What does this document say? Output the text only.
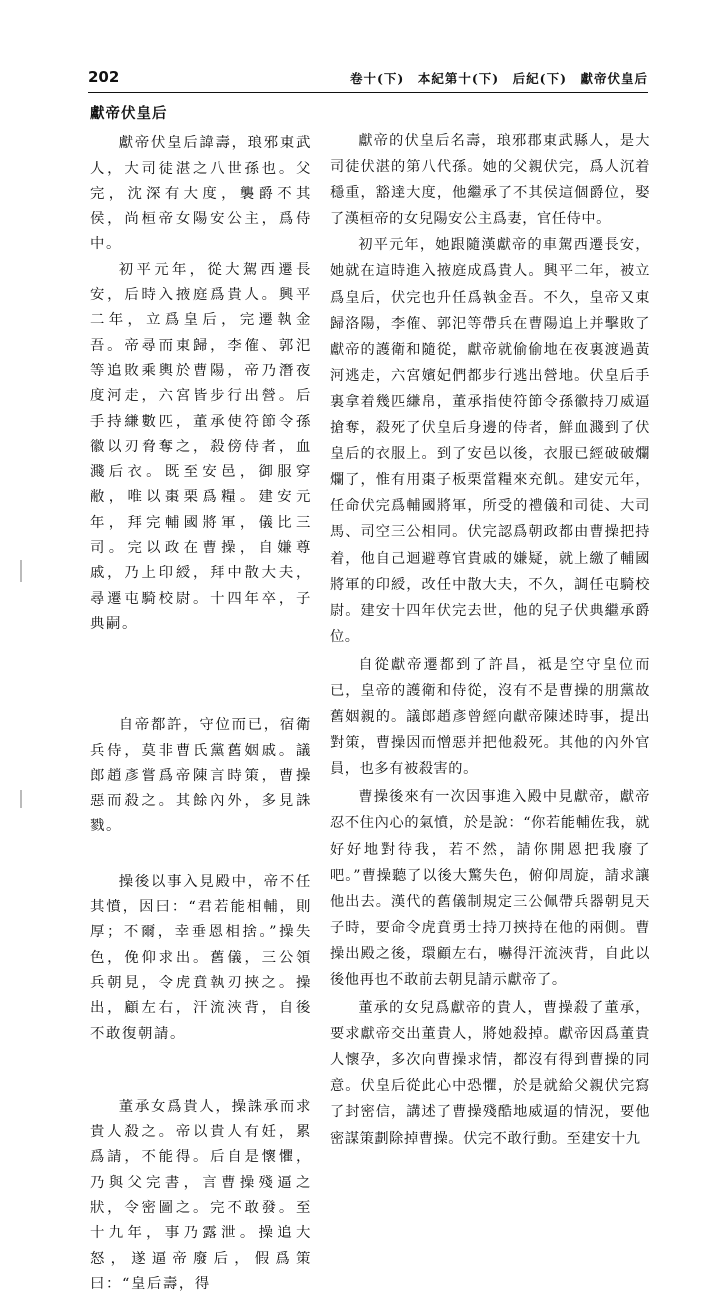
202	卷十(下)　本紀第十(下)　后紀(下)　獻帝伏皇后
獻帝伏皇后

獻帝伏皇后諱壽，琅邪東武人，大司徒湛之八世孫也。父完，沈深有大度，襲爵不其侯，尚桓帝女陽安公主，爲侍中。

初平元年，從大駕西遷長安，后時入掖庭爲貴人。興平二年，立爲皇后，完遷執金吾。帝尋而東歸，李傕、郭汜等追敗乘輿於曹陽，帝乃潛夜度河走，六宮皆步行出營。后手持縑數匹，董承使符節令孫徽以刃脅奪之，殺傍侍者，血濺后衣。既至安邑，御服穿敝，唯以棗栗爲糧。建安元年，拜完輔國將軍，儀比三司。完以政在曹操，自嫌尊戚，乃上印綬，拜中散大夫，尋遷屯騎校尉。十四年卒，子典嗣。

自帝都許，守位而已，宿衛兵侍，莫非曹氏黨舊姻戚。議郎趙彥嘗爲帝陳言時策，曹操惡而殺之。其餘內外，多見誅戮。

操後以事入見殿中，帝不任其憤，因曰：“君若能相輔，則厚；不爾，幸垂恩相捨。”操失色，俛仰求出。舊儀，三公領兵朝見，令虎賁執刃挾之。操出，顧左右，汗流浹背，自後不敢復朝請。

董承女爲貴人，操誅承而求貴人殺之。帝以貴人有妊，累爲請，不能得。后自是懷懼，乃與父完書，言曹操殘逼之狀，令密圖之。完不敢發。至十九年，事乃露泄。操追大怒，遂逼帝廢后，假爲策曰：“皇后壽，得

獻帝的伏皇后名壽，琅邪郡東武縣人，是大司徒伏湛的第八代孫。她的父親伏完，爲人沉着穩重，豁達大度，他繼承了不其侯這個爵位，娶了漢桓帝的女兒陽安公主爲妻，官任侍中。

初平元年，她跟隨漢獻帝的車駕西遷長安，她就在這時進入掖庭成爲貴人。興平二年，被立爲皇后，伏完也升任爲執金吾。不久，皇帝又東歸洛陽，李傕、郭汜等帶兵在曹陽追上并擊敗了獻帝的護衛和隨從，獻帝就偷偷地在夜裏渡過黃河逃走，六宮嬪妃們都步行逃出營地。伏皇后手裏拿着幾匹縑帛，董承指使符節令孫徽持刀威逼搶奪，殺死了伏皇后身邊的侍者，鮮血濺到了伏皇后的衣服上。到了安邑以後，衣服已經破破爛爛了，惟有用棗子板栗當糧來充飢。建安元年，任命伏完爲輔國將軍，所受的禮儀和司徒、大司馬、司空三公相同。伏完認爲朝政都由曹操把持着，他自己迴避尊官貴戚的嫌疑，就上繳了輔國將軍的印綬，改任中散大夫，不久，調任屯騎校尉。建安十四年伏完去世，他的兒子伏典繼承爵位。

自從獻帝遷都到了許昌，祗是空守皇位而已，皇帝的護衛和侍從，沒有不是曹操的朋黨故舊姻親的。議郎趙彥曾經向獻帝陳述時事，提出對策，曹操因而憎惡并把他殺死。其他的內外官員，也多有被殺害的。

曹操後來有一次因事進入殿中見獻帝，獻帝忍不住內心的氣憤，於是說：“你若能輔佐我，就好好地對待我，若不然，請你開恩把我廢了吧。”曹操聽了以後大驚失色，俯仰周旋，請求讓他出去。漢代的舊儀制規定三公佩帶兵器朝見天子時，要命令虎賁勇士持刀挾持在他的兩側。曹操出殿之後，環顧左右，嚇得汗流浹背，自此以後他再也不敢前去朝見請示獻帝了。

董承的女兒爲獻帝的貴人，曹操殺了董承，要求獻帝交出董貴人，將她殺掉。獻帝因爲董貴人懷孕，多次向曹操求情，都沒有得到曹操的同意。伏皇后從此心中恐懼，於是就給父親伏完寫了封密信，講述了曹操殘酷地威逼的情況，要他密謀策劃除掉曹操。伏完不敢行動。至建安十九
